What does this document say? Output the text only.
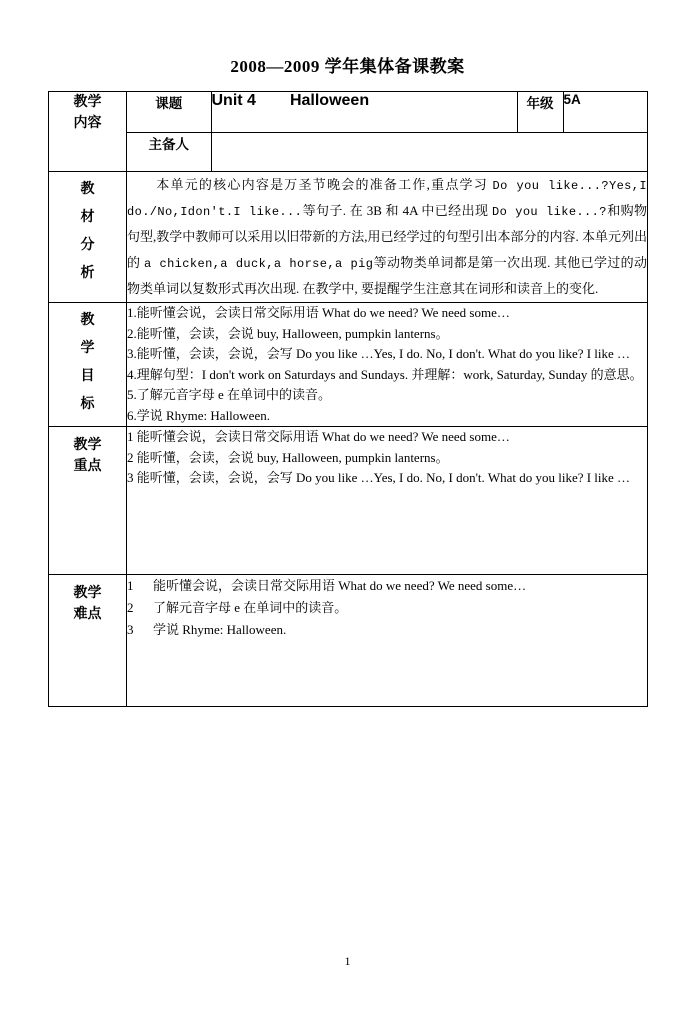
2008—2009 学年集体备课教案
教学
内容

课题	Unit 4 Halloween	年级	5A
主备人	

教
材
分
析
	本单元的核心内容是万圣节晚会的准备工作,重点学习 Do you like...?Yes,I do./No,Idon't.I like...等句子. 在 3B 和 4A 中已经出现 Do you like...?和购物句型,教学中教师可以采用以旧带新的方法,用已经学过的句型引出本部分的内容. 本单元列出的 a chicken,a duck,a horse,a pig等动物类单词都是第一次出现. 其他已学过的动物类单词以复数形式再次出现. 在教学中, 要提醒学生注意其在词形和读音上的变化.

教
学
目
标

1.能听懂会说，会读日常交际用语 What do we need? We need some…
2.能听懂，会读，会说 buy, Halloween, pumpkin lanterns。
3.能听懂，会读，会说，会写 Do you like …Yes, I do. No, I don't. What do you like? I like …
4.理解句型：I don't work on Saturdays and Sundays. 并理解：work, Saturday, Sunday 的意思。
5.了解元音字母 e 在单词中的读音。
6.学说 Rhyme: Halloween.

教学
重点

1 能听懂会说，会读日常交际用语 What do we need? We need some…
2 能听懂，会读，会说 buy, Halloween, pumpkin lanterns。
3 能听懂，会读，会说，会写 Do you like …Yes, I do. No, I don't. What do you like? I like …

教学
难点

1 能听懂会说，会读日常交际用语 What do we need? We need some…
2 了解元音字母 e 在单词中的读音。
3 学说 Rhyme: Halloween.
1
